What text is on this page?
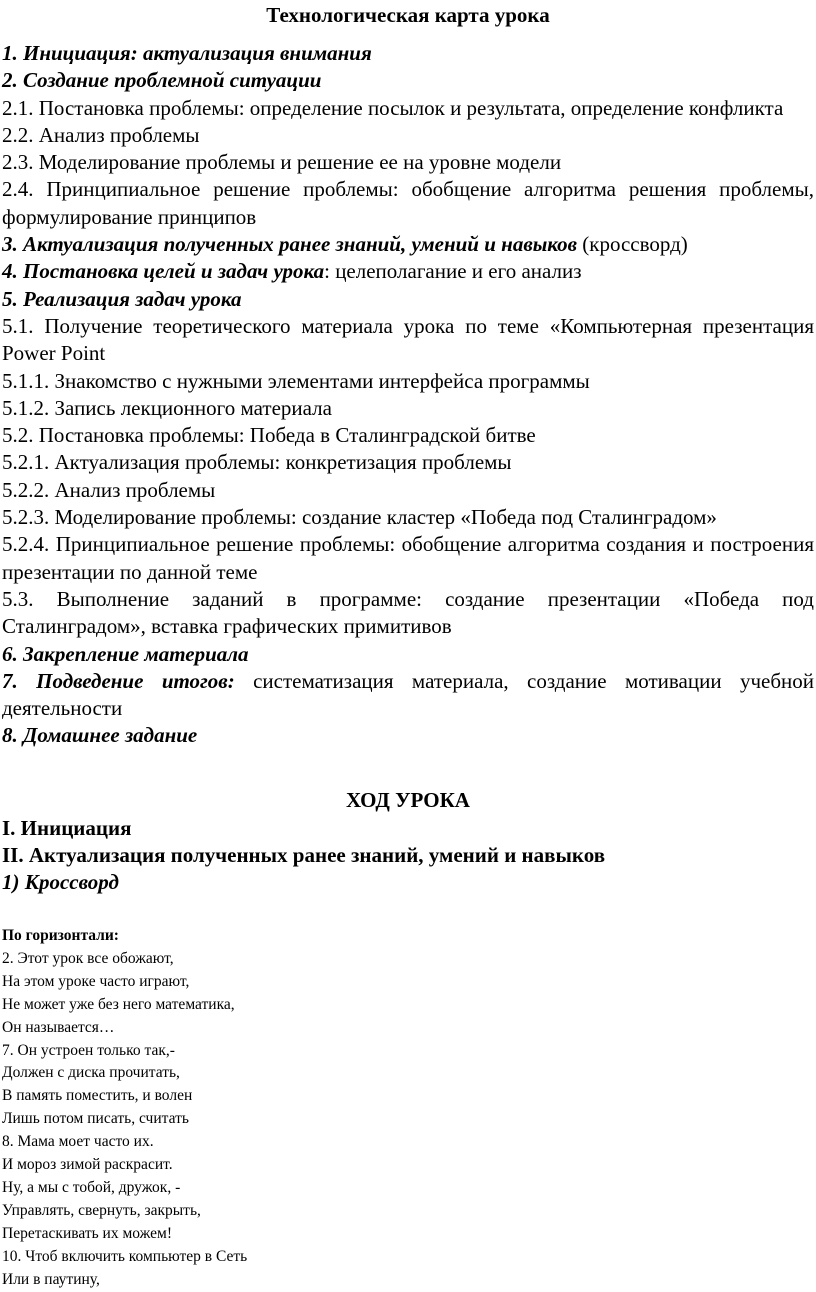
Технологическая карта урока

1. Инициация: актуализация внимания

2. Создание проблемной ситуации

2.1. Постановка проблемы: определение посылок и результата, определение конфликта

2.2. Анализ проблемы

2.3. Моделирование проблемы и решение ее на уровне модели

2.4. Принципиальное решение проблемы: обобщение алгоритма решения проблемы, формулирование принципов

3. Актуализация полученных ранее знаний, умений и навыков (кроссворд)

4. Постановка целей и задач урока: целеполагание и его анализ

5. Реализация задач урока

5.1. Получение теоретического материала урока по теме «Компьютерная презентация Power Point

5.1.1. Знакомство с нужными элементами интерфейса программы

5.1.2. Запись лекционного материала

5.2. Постановка проблемы: Победа в Сталинградской битве

5.2.1. Актуализация проблемы: конкретизация проблемы

5.2.2. Анализ проблемы

5.2.3. Моделирование проблемы: создание кластер «Победа под Сталинградом»

5.2.4. Принципиальное решение проблемы: обобщение алгоритма создания и построения презентации по данной теме

5.3. Выполнение заданий в программе: создание презентации «Победа под Сталинградом», вставка графических примитивов

6. Закрепление материала

7. Подведение итогов: систематизация материала, создание мотивации учебной деятельности

8. Домашнее задание

ХОД УРОКА

I. Инициация

II. Актуализация полученных ранее знаний, умений и навыков

1) Кроссворд

По горизонтали:

2. Этот урок все обожают,

На этом уроке часто играют,

Не может уже без него математика,

Он называется…

7. Он устроен только так,-

Должен с диска прочитать,

В память поместить, и волен

Лишь потом писать, считать

8. Мама моет часто их.

И мороз зимой раскрасит.

Ну, а мы с тобой, дружок, -

Управлять, свернуть, закрыть,

Перетаскивать их можем!

10. Чтоб включить компьютер в Сеть

Или в паутину,
